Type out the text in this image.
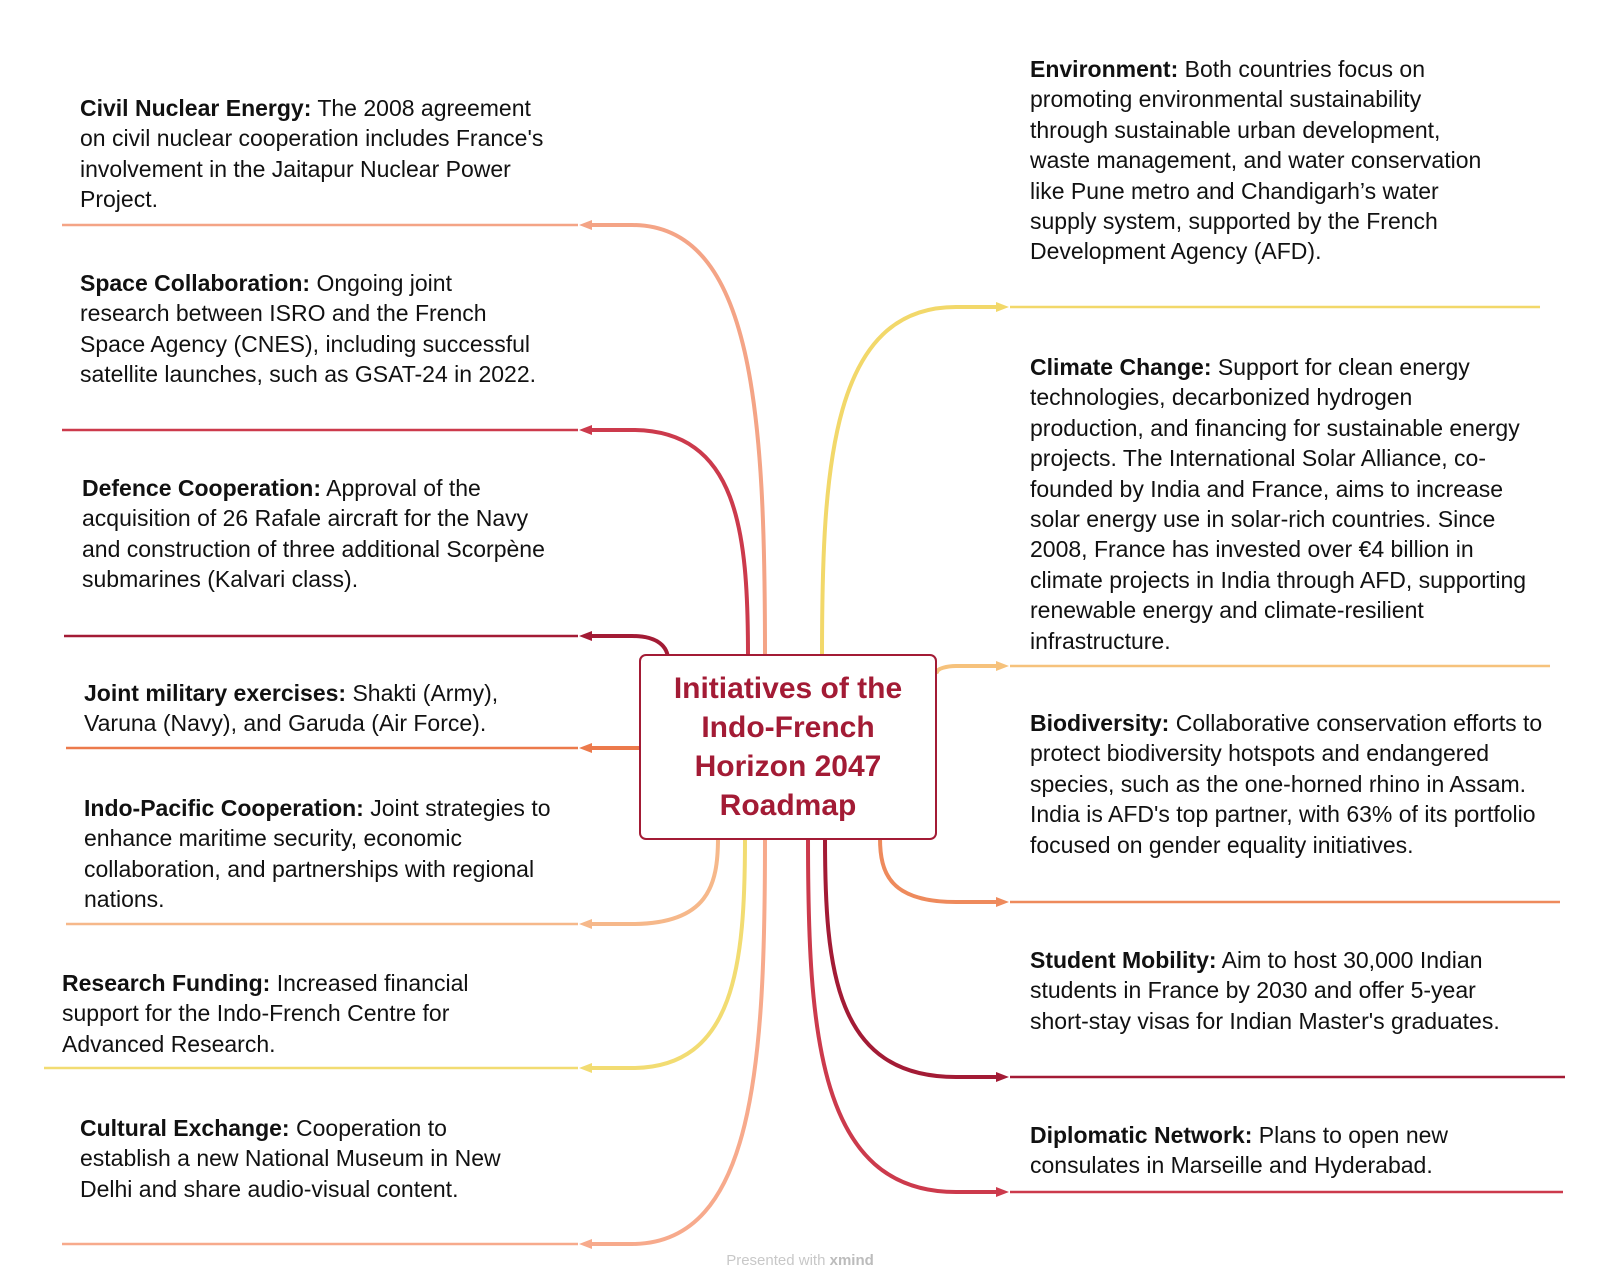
Civil Nuclear Energy: The 2008 agreement on civil nuclear cooperation includes France's involvement in the Jaitapur Nuclear Power Project.
Space Collaboration: Ongoing joint research between ISRO and the French Space Agency (CNES), including successful satellite launches, such as GSAT-24 in 2022.
Defence Cooperation: Approval of the acquisition of 26 Rafale aircraft for the Navy and construction of three additional Scorpène submarines (Kalvari class).
Joint military exercises: Shakti (Army), Varuna (Navy), and Garuda (Air Force).
Indo-Pacific Cooperation: Joint strategies to enhance maritime security, economic collaboration, and partnerships with regional nations.
Research Funding: Increased financial support for the Indo-French Centre for Advanced Research.
Cultural Exchange: Cooperation to establish a new National Museum in New Delhi and share audio-visual content.
Environment: Both countries focus on promoting environmental sustainability through sustainable urban development, waste management, and water conservation like Pune metro and Chandigarh’s water supply system, supported by the French Development Agency (AFD).
Climate Change: Support for clean energy technologies, decarbonized hydrogen production, and financing for sustainable energy projects. The International Solar Alliance, co-founded by India and France, aims to increase solar energy use in solar-rich countries. Since 2008, France has invested over €4 billion in climate projects in India through AFD, supporting renewable energy and climate-resilient infrastructure.
Biodiversity: Collaborative conservation efforts to protect biodiversity hotspots and endangered species, such as the one-horned rhino in Assam. India is AFD's top partner, with 63% of its portfolio focused on gender equality initiatives.
Student Mobility: Aim to host 30,000 Indian students in France by 2030 and offer 5-year short-stay visas for Indian Master's graduates.
Diplomatic Network: Plans to open new consulates in Marseille and Hyderabad.
Initiatives of the Indo-French Horizon 2047 Roadmap
Presented with xmind
